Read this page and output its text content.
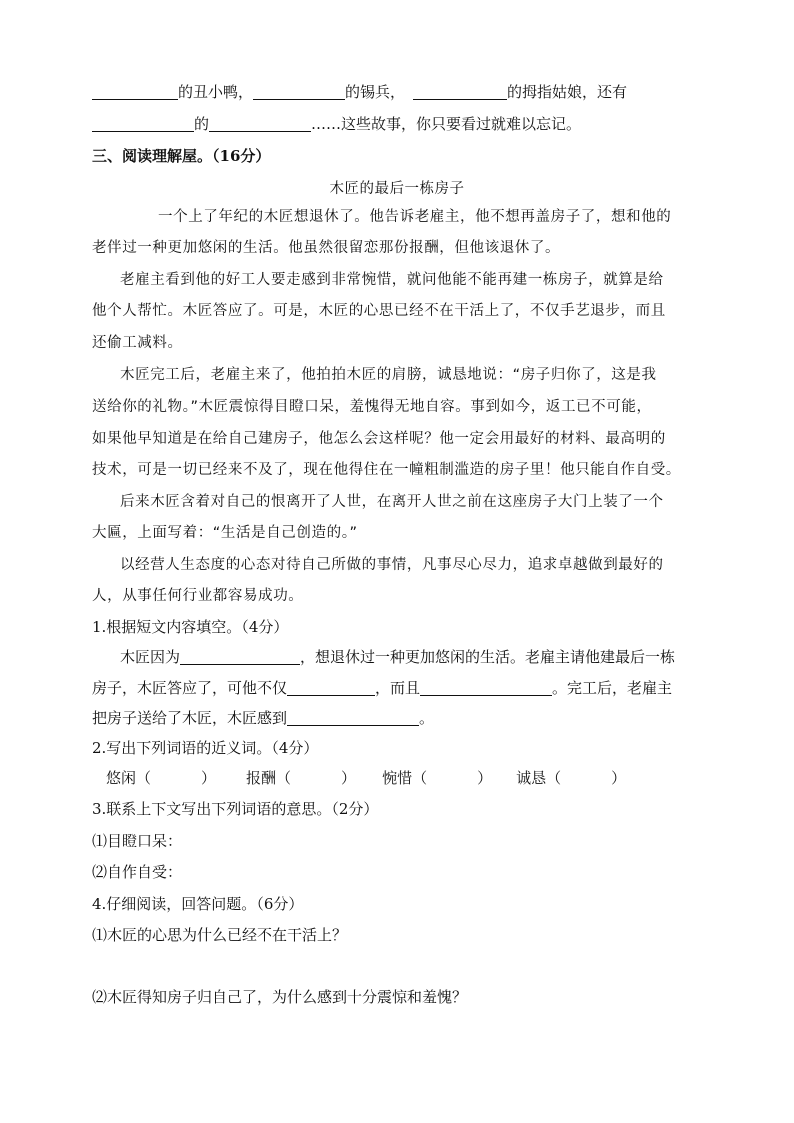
的丑小鸭，	的锡兵，	的拇指姑娘，还有
的	……这些故事，你只要看过就难以忘记。
三、阅读理解屋。（16分）
木匠的最后一栋房子
一个上了年纪的木匠想退休了。他告诉老雇主，他不想再盖房子了，想和他的
老伴过一种更加悠闲的生活。他虽然很留恋那份报酬，但他该退休了。
老雇主看到他的好工人要走感到非常惋惜，就问他能不能再建一栋房子，就算是给
他个人帮忙。木匠答应了。可是，木匠的心思已经不在干活上了，不仅手艺退步，而且
还偷工减料。
木匠完工后，老雇主来了，他拍拍木匠的肩膀，诚恳地说：“房子归你了，这是我
送给你的礼物。”木匠震惊得目瞪口呆，羞愧得无地自容。事到如今，返工已不可能，
如果他早知道是在给自己建房子，他怎么会这样呢？他一定会用最好的材料、最高明的
技术，可是一切已经来不及了，现在他得住在一幢粗制滥造的房子里！他只能自作自受。
后来木匠含着对自己的恨离开了人世，在离开人世之前在这座房子大门上装了一个
大匾，上面写着：“生活是自己创造的。”
以经营人生态度的心态对待自己所做的事情，凡事尽心尽力，追求卓越做到最好的
人，从事任何行业都容易成功。
1.根据短文内容填空。（4分）
木匠因为	，想退休过一种更加悠闲的生活。老雇主请他建最后一栋
房子，木匠答应了，可他不仅	，而且	。完工后，老雇主
把房子送给了木匠，木匠感到	。
2.写出下列词语的近义词。（4分）
悠闲（	） 报酬（	） 惋惜（	） 诚恳（	）
3.联系上下文写出下列词语的意思。（2分）
⑴目瞪口呆：
⑵自作自受：
4.仔细阅读，回答问题。（6分）
⑴木匠的心思为什么已经不在干活上？
⑵木匠得知房子归自己了，为什么感到十分震惊和羞愧？
